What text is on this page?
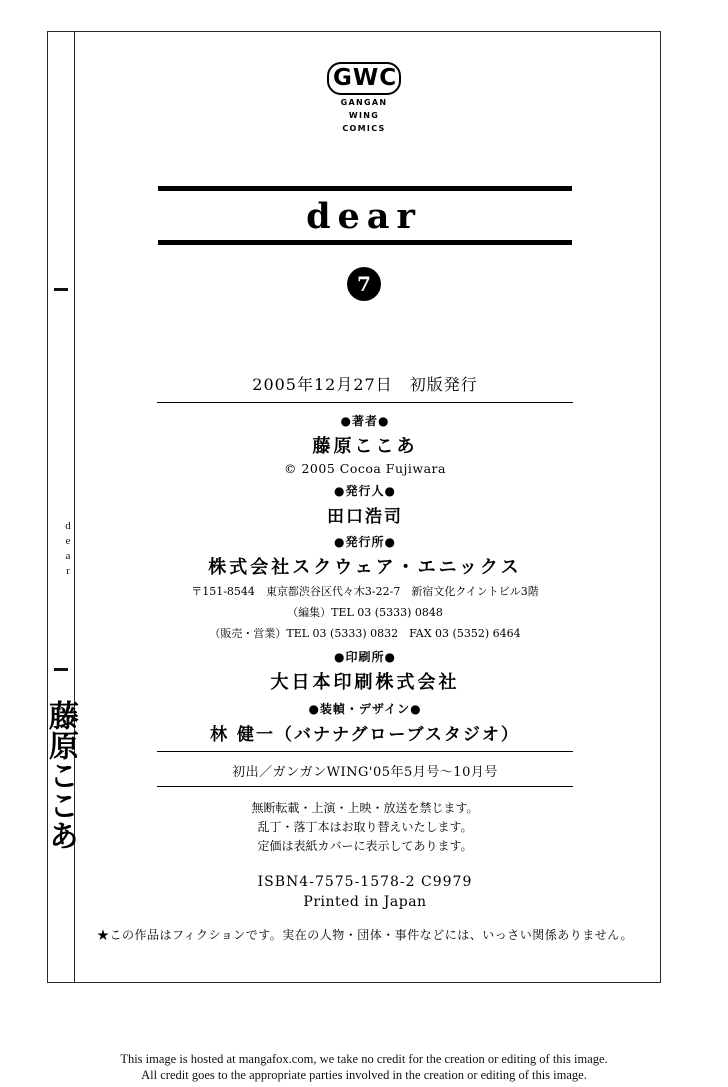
dear
藤原ここあ
GWC
GANGAN
WING
COMICS
dear
7
2005年12月27日　初版発行
●著者●
藤原ここあ
© 2005 Cocoa Fujiwara
●発行人●
田口浩司
●発行所●
株式会社スクウェア・エニックス
〒151-8544　東京都渋谷区代々木3-22-7　新宿文化クイントビル3階
（編集）TEL 03 (5333) 0848
（販売・営業）TEL 03 (5333) 0832　FAX 03 (5352) 6464
●印刷所●
大日本印刷株式会社
●装幀・デザイン●
林 健一（バナナグローブスタジオ）
初出／ガンガンWING'05年5月号〜10月号
無断転載・上演・上映・放送を禁じます。
乱丁・落丁本はお取り替えいたします。
定価は表紙カバーに表示してあります。
ISBN4-7575-1578-2 C9979
Printed in Japan
★この作品はフィクションです。実在の人物・団体・事件などには、いっさい関係ありません。
This image is hosted at mangafox.com, we take no credit for the creation or editing of this image.
All credit goes to the appropriate parties involved in the creation or editing of this image.
